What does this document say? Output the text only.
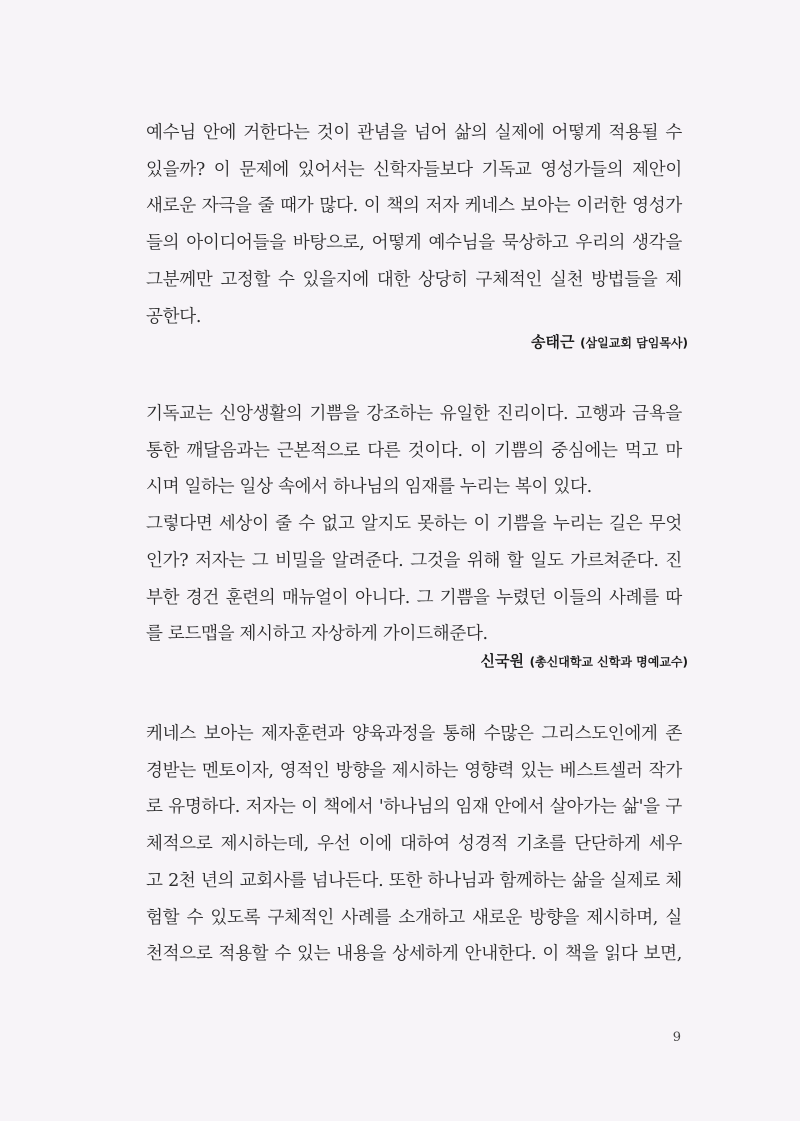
예수님 안에 거한다는 것이 관념을 넘어 삶의 실제에 어떻게 적용될 수
있을까? 이 문제에 있어서는 신학자들보다 기독교 영성가들의 제안이
새로운 자극을 줄 때가 많다. 이 책의 저자 케네스 보아는 이러한 영성가
들의 아이디어들을 바탕으로, 어떻게 예수님을 묵상하고 우리의 생각을
그분께만 고정할 수 있을지에 대한 상당히 구체적인 실천 방법들을 제
공한다.

송태근 (삼일교회 담임목사)

기독교는 신앙생활의 기쁨을 강조하는 유일한 진리이다. 고행과 금욕을
통한 깨달음과는 근본적으로 다른 것이다. 이 기쁨의 중심에는 먹고 마
시며 일하는 일상 속에서 하나님의 임재를 누리는 복이 있다.
그렇다면 세상이 줄 수 없고 알지도 못하는 이 기쁨을 누리는 길은 무엇
인가? 저자는 그 비밀을 알려준다. 그것을 위해 할 일도 가르쳐준다. 진
부한 경건 훈련의 매뉴얼이 아니다. 그 기쁨을 누렸던 이들의 사례를 따
를 로드맵을 제시하고 자상하게 가이드해준다.

신국원 (총신대학교 신학과 명예교수)

케네스 보아는 제자훈련과 양육과정을 통해 수많은 그리스도인에게 존
경받는 멘토이자, 영적인 방향을 제시하는 영향력 있는 베스트셀러 작가
로 유명하다. 저자는 이 책에서 '하나님의 임재 안에서 살아가는 삶'을 구
체적으로 제시하는데, 우선 이에 대하여 성경적 기초를 단단하게 세우
고 2천 년의 교회사를 넘나든다. 또한 하나님과 함께하는 삶을 실제로 체
험할 수 있도록 구체적인 사례를 소개하고 새로운 방향을 제시하며, 실
천적으로 적용할 수 있는 내용을 상세하게 안내한다. 이 책을 읽다 보면,

9
